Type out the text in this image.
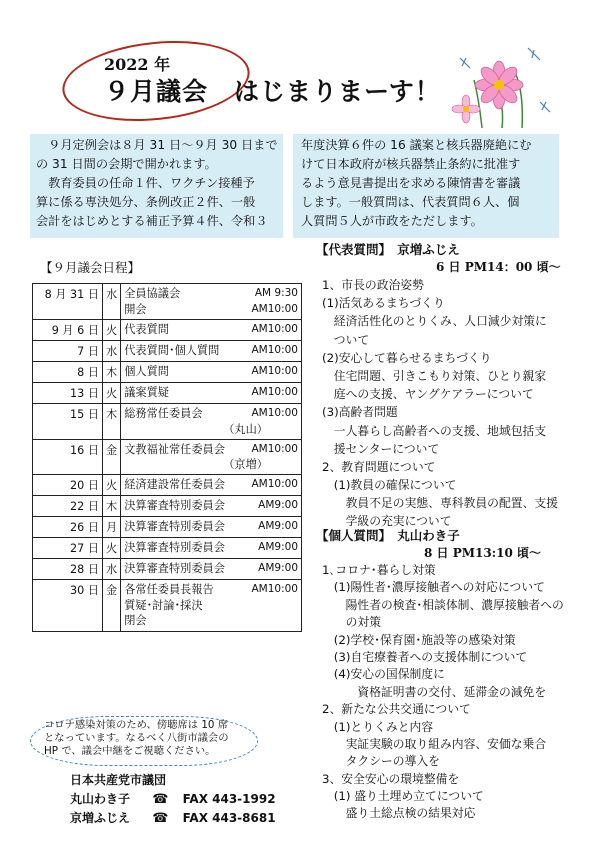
2022 年
９月議会　はじまりまーす！

　９月定例会は８月 31 日〜９月 30 日まで

の 31 日間の会期で開かれます。

　教育委員の任命１件、ワクチン接種予

算に係る専決処分、条例改正２件、一般

会計をはじめとする補正予算４件、令和３

年度決算６件の 16 議案と核兵器廃絶にむ

けて日本政府が核兵器禁止条約に批准す

るよう意見書提出を求める陳情書を審議

します。一般質問は、代表質問６人、個

人質問５人が市政をただします。

【９月議会日程】
8 月 31 日	水	全員協議会 AM 9:30
開会 AM10:00

9 月 6 日	火	代表質問 AM10:00

7 日	水	代表質問･個人質問 AM10:00

8 日	木	個人質問 AM10:00

13 日	火	議案質疑 AM10:00

15 日	木	総務常任委員会 AM10:00
（丸山）

16 日	金	文教福祉常任委員会 AM10:00
（京増）

20 日	火	経済建設常任委員会 AM10:00

22 日	木	決算審査特別委員会 AM9:00

26 日	月	決算審査特別委員会 AM9:00

27 日	火	決算審査特別委員会 AM9:00

28 日	水	決算審査特別委員会 AM9:00

30 日	金	各常任委員長報告 AM10:00
質疑･討論･採決
閉会
コロナ感染対策のため、傍聴席は 10 席
となっています。なるべく八街市議会の
HP で、議会中継をご視聴ください。
日本共産党市議団
丸山わき子 ☎ FAX 443-1992
京増ふじえ ☎ FAX 443-8681
【代表質問】　京増ふじえ
6 日 PM14：00 頃〜
1、市長の政治姿勢
(1)活気あるまちづくり
　経済活性化のとりくみ、人口減少対策に
　ついて
(2)安心して暮らせるまちづくり
　住宅問題、引きこもり対策、ひとり親家
　庭への支援、ヤングケアラーについて
(3)高齢者問題
　一人暮らし高齢者への支援、地域包括支
　援センターについて
2、教育問題について
　(1)教員の確保について
　　教員不足の実態、専科教員の配置、支援
　　学級の充実について
【個人質問】　丸山わき子
8 日 PM13:10 頃〜
1､コロナ･暮らし対策
　(1)陽性者･濃厚接触者への対応について
　　陽性者の検査･相談体制、濃厚接触者への
　　の対策
　(2)学校･保育園･施設等の感染対策
　(3)自宅療養者への支援体制について
　(4)安心の国保制度に
　　　資格証明書の交付、延滞金の減免を
2、新たな公共交通について
　(1)とりくみと内容
　　実証実験の取り組み内容、安価な乗合
　　タクシーの導入を
3、安全安心の環境整備を
　(1) 盛り土埋め立てについて
　　盛り土総点検の結果対応
